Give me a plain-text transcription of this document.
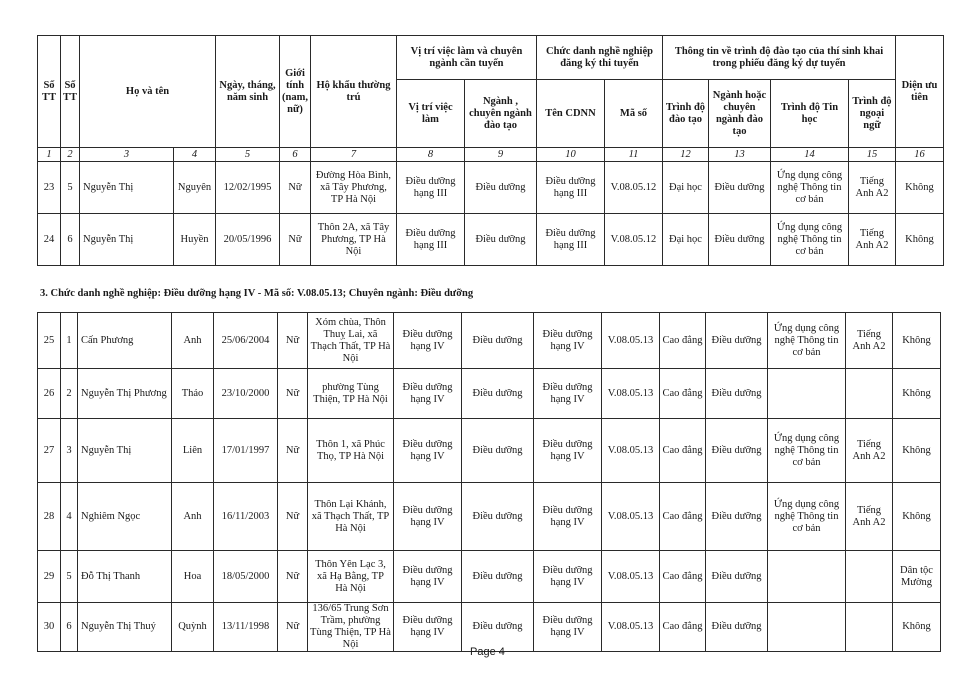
Số TT	Số TT	Họ và tên		Ngày, tháng, năm sinh	Giới tính (nam, nữ)	Hộ khẩu thường trú	Vị trí việc làm và chuyên ngành cần tuyển		Chức danh nghề nghiệp đăng ký thi tuyển		Thông tin về trình độ đào tạo của thí sinh khai trong phiếu đăng ký dự tuyển				Diện ưu tiên
							Vị trí việc làm	Ngành , chuyên ngành đào tạo	Tên CDNN	Mã số	Trình độ đào tạo	Ngành hoặc chuyên ngành đào tạo	Trình độ Tin học	Trình độ ngoại ngữ	
1	2	3	4	5	6	7	8	9	10	11	12	13	14	15	16
23	5	Nguyễn Thị	Nguyên	12/02/1995	Nữ	Đường Hòa Bình, xã Tây Phương, TP Hà Nội	Điều dưỡng hạng III	Điều dưỡng	Điều dưỡng hạng III	V.08.05.12	Đại học	Điều dưỡng	Ứng dụng công nghệ Thông tin cơ bản	Tiếng Anh A2	Không
24	6	Nguyễn Thị	Huyền	20/05/1996	Nữ	Thôn 2A, xã Tây Phương, TP Hà Nội	Điều dưỡng hạng III	Điều dưỡng	Điều dưỡng hạng III	V.08.05.12	Đại học	Điều dưỡng	Ứng dụng công nghệ Thông tin cơ bản	Tiếng Anh A2	Không
3. Chức danh nghề nghiệp: Điều dưỡng hạng IV - Mã số: V.08.05.13; Chuyên ngành: Điều dưỡng
25	1	Cấn Phương	Anh	25/06/2004	Nữ	Xóm chùa, Thôn Thuỵ Lai, xã Thạch Thất, TP Hà Nội	Điều dưỡng hạng IV	Điều dưỡng	Điều dưỡng hạng IV	V.08.05.13	Cao đẳng	Điều dưỡng	Ứng dụng công nghệ Thông tin cơ bản	Tiếng Anh A2	Không
26	2	Nguyễn Thị Phương	Thảo	23/10/2000	Nữ	phường Tùng Thiện, TP Hà Nội	Điều dưỡng hạng IV	Điều dưỡng	Điều dưỡng hạng IV	V.08.05.13	Cao đẳng	Điều dưỡng			Không
27	3	Nguyễn Thị	Liên	17/01/1997	Nữ	Thôn 1, xã Phúc Thọ, TP Hà Nội	Điều dưỡng hạng IV	Điều dưỡng	Điều dưỡng hạng IV	V.08.05.13	Cao đẳng	Điều dưỡng	Ứng dụng công nghệ Thông tin cơ bản	Tiếng Anh A2	Không
28	4	Nghiêm Ngọc	Anh	16/11/2003	Nữ	Thôn Lại Khánh, xã Thạch Thất, TP Hà Nội	Điều dưỡng hạng IV	Điều dưỡng	Điều dưỡng hạng IV	V.08.05.13	Cao đẳng	Điều dưỡng	Ứng dụng công nghệ Thông tin cơ bản	Tiếng Anh A2	Không
29	5	Đỗ Thị Thanh	Hoa	18/05/2000	Nữ	Thôn Yên Lạc 3, xã Hạ Bằng, TP Hà Nội	Điều dưỡng hạng IV	Điều dưỡng	Điều dưỡng hạng IV	V.08.05.13	Cao đẳng	Điều dưỡng			Dân tộc Mường
30	6	Nguyễn Thị Thuý	Quỳnh	13/11/1998	Nữ	136/65 Trung Sơn Trầm, phường Tùng Thiện, TP Hà Nội	Điều dưỡng hạng IV	Điều dưỡng	Điều dưỡng hạng IV	V.08.05.13	Cao đẳng	Điều dưỡng			Không
Page 4
